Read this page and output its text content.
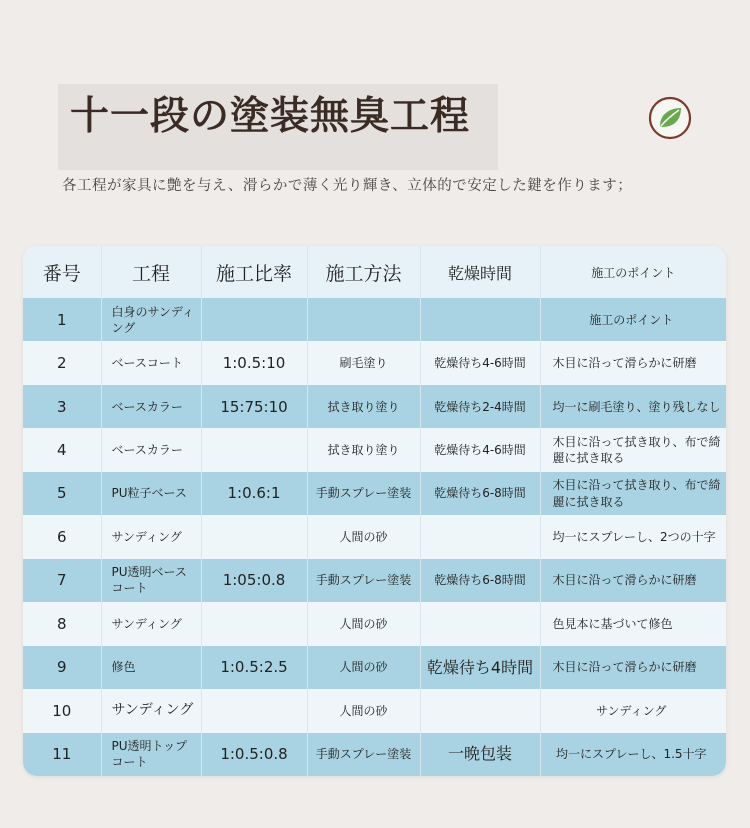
十一段の塗装無臭工程
各工程が家具に艶を与え、滑らかで薄く光り輝き、立体的で安定した鍵を作ります；
番号	工程	施工比率	施工方法	乾燥時間	施工のポイント
1	白身のサンディング				施工のポイント
2	ベースコート	1:0.5:10	刷毛塗り	乾燥待ち4-6時間	木目に沿って滑らかに研磨
3	ベースカラー	15:75:10	拭き取り塗り	乾燥待ち2-4時間	均一に刷毛塗り、塗り残しなし
4	ベースカラー		拭き取り塗り	乾燥待ち4-6時間	木目に沿って拭き取り、布で綺麗に拭き取る
5	PU粒子ベース	1:0.6:1	手動スプレー塗装	乾燥待ち6-8時間	木目に沿って拭き取り、布で綺麗に拭き取る
6	サンディング		人間の砂		均一にスプレーし、2つの十字
7	PU透明ベースコート	1:05:0.8	手動スプレー塗装	乾燥待ち6-8時間	木目に沿って滑らかに研磨
8	サンディング		人間の砂		色見本に基づいて修色
9	修色	1:0.5:2.5	人間の砂	乾燥待ち4時間	木目に沿って滑らかに研磨
10	サンディング		人間の砂		サンディング
11	PU透明トップコート	1:0.5:0.8	手動スプレー塗装	一晩包装	均一にスプレーし、1.5十字
